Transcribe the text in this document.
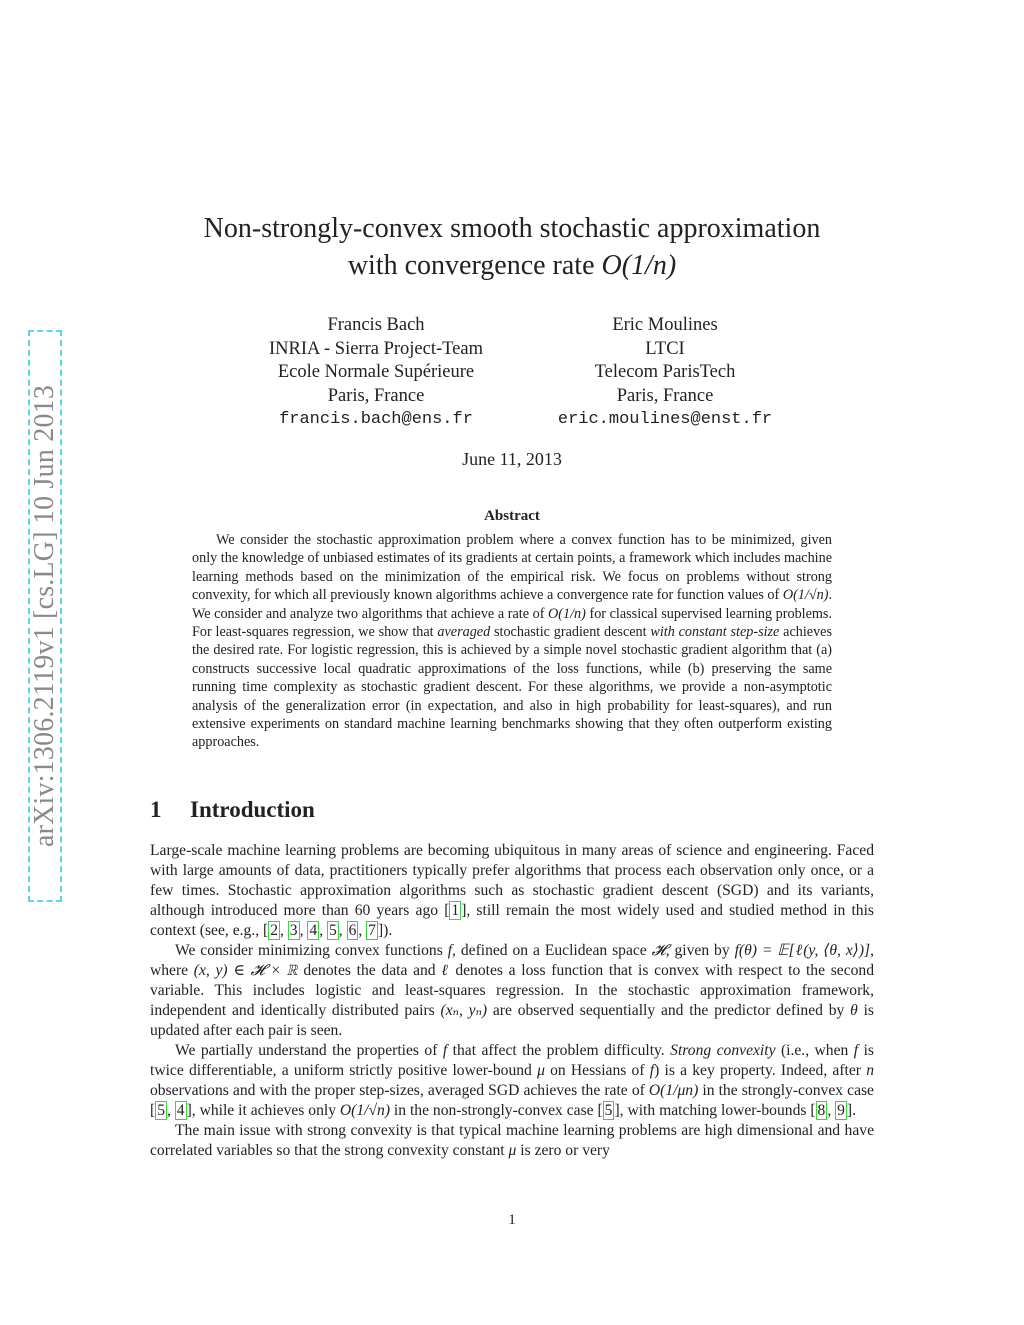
arXiv:1306.2119v1 [cs.LG] 10 Jun 2013
Non-strongly-convex smooth stochastic approximation
with convergence rate O(1/n)
Francis Bach
INRIA - Sierra Project-Team
Ecole Normale Supérieure
Paris, France
francis.bach@ens.fr
Eric Moulines
LTCI
Telecom ParisTech
Paris, France
eric.moulines@enst.fr
June 11, 2013
Abstract

We consider the stochastic approximation problem where a convex function has to be minimized, given only the knowledge of unbiased estimates of its gradients at certain points, a framework which includes machine learning methods based on the minimization of the empirical risk. We focus on problems without strong convexity, for which all previously known algorithms achieve a convergence rate for function values of O(1/√n). We consider and analyze two algorithms that achieve a rate of O(1/n) for classical supervised learning problems. For least-squares regression, we show that averaged stochastic gradient descent with constant step-size achieves the desired rate. For logistic regression, this is achieved by a simple novel stochastic gradient algorithm that (a) constructs successive local quadratic approximations of the loss functions, while (b) preserving the same running time complexity as stochastic gradient descent. For these algorithms, we provide a non-asymptotic analysis of the generalization error (in expectation, and also in high probability for least-squares), and run extensive experiments on standard machine learning benchmarks showing that they often outperform existing approaches.

1 Introduction

Large-scale machine learning problems are becoming ubiquitous in many areas of science and engineering. Faced with large amounts of data, practitioners typically prefer algorithms that process each observation only once, or a few times. Stochastic approximation algorithms such as stochastic gradient descent (SGD) and its variants, although introduced more than 60 years ago [ 1 ], still remain the most widely used and studied method in this context (see, e.g., [ 2 , 3 , 4 , 5 , 6 , 7 ]).

We consider minimizing convex functions f, defined on a Euclidean space 𝓗, given by f(θ) = 𝔼[ℓ(y, ⟨θ, x⟩)], where (x, y) ∈ 𝓗 × ℝ denotes the data and ℓ denotes a loss function that is convex with respect to the second variable. This includes logistic and least-squares regression. In the stochastic approximation framework, independent and identically distributed pairs (xₙ, yₙ) are observed sequentially and the predictor defined by θ is updated after each pair is seen.

We partially understand the properties of f that affect the problem difficulty. Strong convexity (i.e., when f is twice differentiable, a uniform strictly positive lower-bound μ on Hessians of f) is a key property. Indeed, after n observations and with the proper step-sizes, averaged SGD achieves the rate of O(1/μn) in the strongly-convex case [ 5 , 4 ], while it achieves only O(1/√n) in the non-strongly-convex case [ 5 ], with matching lower-bounds [ 8 , 9 ].

The main issue with strong convexity is that typical machine learning problems are high dimensional and have correlated variables so that the strong convexity constant μ is zero or very

1
